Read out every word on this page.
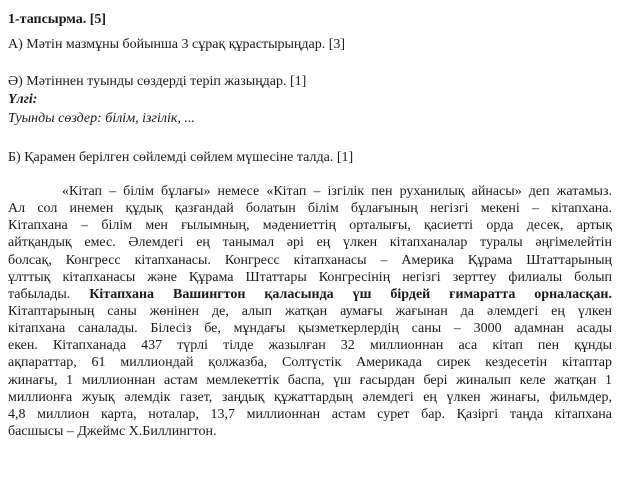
1-тапсырма. [5]
А) Мәтін мазмұны бойынша 3 сұрақ құрастырыңдар. [3]
Ә) Мәтіннен туынды сөздерді теріп жазыңдар. [1]
Үлгі:
Туынды сөздер: білім, ізгілік, ...
Б) Қарамен берілген сөйлемді сөйлем мүшесіне талда. [1]
«Кітап – білім бұлағы» немесе «Кітап – ізгілік пен руханилық айнасы» деп жатамыз.
Ал сол инемен құдық қазғандай болатын білім бұлағының негізгі мекені – кітапхана.
Кітапхана – білім мен ғылымның, мәдениеттің орталығы, қасиетті орда десек, артық
айтқандық емес. Әлемдегі ең танымал әрі ең үлкен кітапханалар туралы әңгімелейтін
болсақ, Конгресс кітапханасы. Конгресс кітапханасы – Америка Құрама Штаттарының
ұлттық кітапханасы және Құрама Штаттары Конгресінің негізгі зерттеу филиалы болып
табылады. Кітапхана Вашингтон қаласында үш бірдей ғимаратта орналасқан.
Кітаптарының саны жөнінен де, алып жатқан аумағы жағынан да әлемдегі ең үлкен
кітапхана саналады. Білесіз бе, мұндағы қызметкерлердің саны – 3000 адамнан асады
екен. Кітапханада 437 түрлі тілде жазылған 32 миллионнан аса кітап пен құнды
ақпараттар, 61 миллиондай қолжазба, Солтүстік Америкада сирек кездесетін кітаптар
жинағы, 1 миллионнан астам мемлекеттік баспа, үш ғасырдан бері жиналып келе жатқан 1
миллионға жуық әлемдік газет, заңдық құжаттардың әлемдегі ең үлкен жинағы, фильмдер,
4,8 миллион карта, ноталар, 13,7 миллионнан астам сурет бар. Қазіргі таңда кітапхана
басшысы – Джеймс Х.Биллингтон.
